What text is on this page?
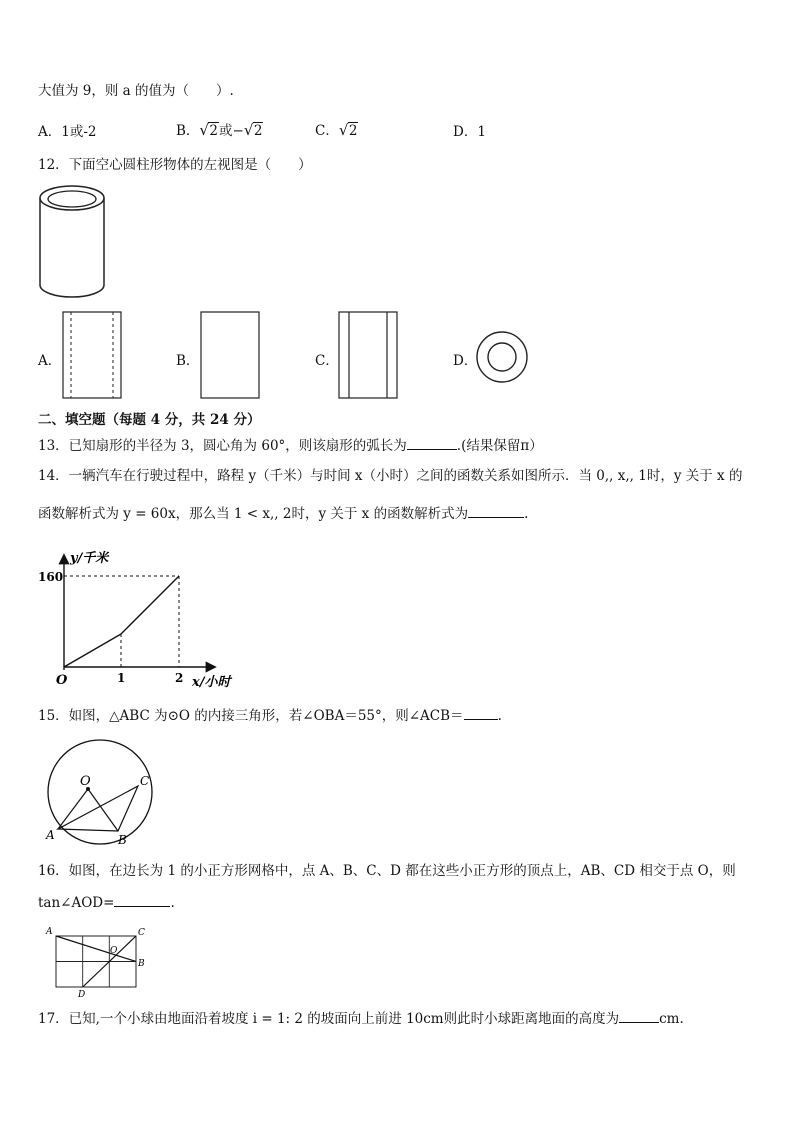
大值为 9，则 a 的值为（　　）.
A．1或-2	B． √ 2或− √ 2	C． √ 2	D．1
12．下面空心圆柱形物体的左视图是（　　）
A．	B．	C．	D．
二、填空题（每题 4 分，共 24 分）
13．已知扇形的半径为 3，圆心角为 60°，则该扇形的弧长为	.(结果保留π）
14．一辆汽车在行驶过程中，路程 y（千米）与时间 x（小时）之间的函数关系如图所示．当 0,, x,, 1时，y 关于 x 的
函数解析式为 y = 60x，那么当 1 < x,, 2时，y 关于 x 的函数解析式为	.
y/千米
160
O	1	2 x/小时
15．如图，△ABC 为⊙O 的内接三角形，若∠OBA＝55°，则∠ACB＝	.
O
A	B
C
16．如图，在边长为 1 的小正方形网格中，点 A、B、C、D 都在这些小正方形的顶点上，AB、CD 相交于点 O，则
tan∠AOD=	.
A	C
O
B
D
17．已知,一个小球由地面沿着坡度 i = 1: 2 的坡面向上前进 10cm则此时小球距离地面的高度为	cm.
